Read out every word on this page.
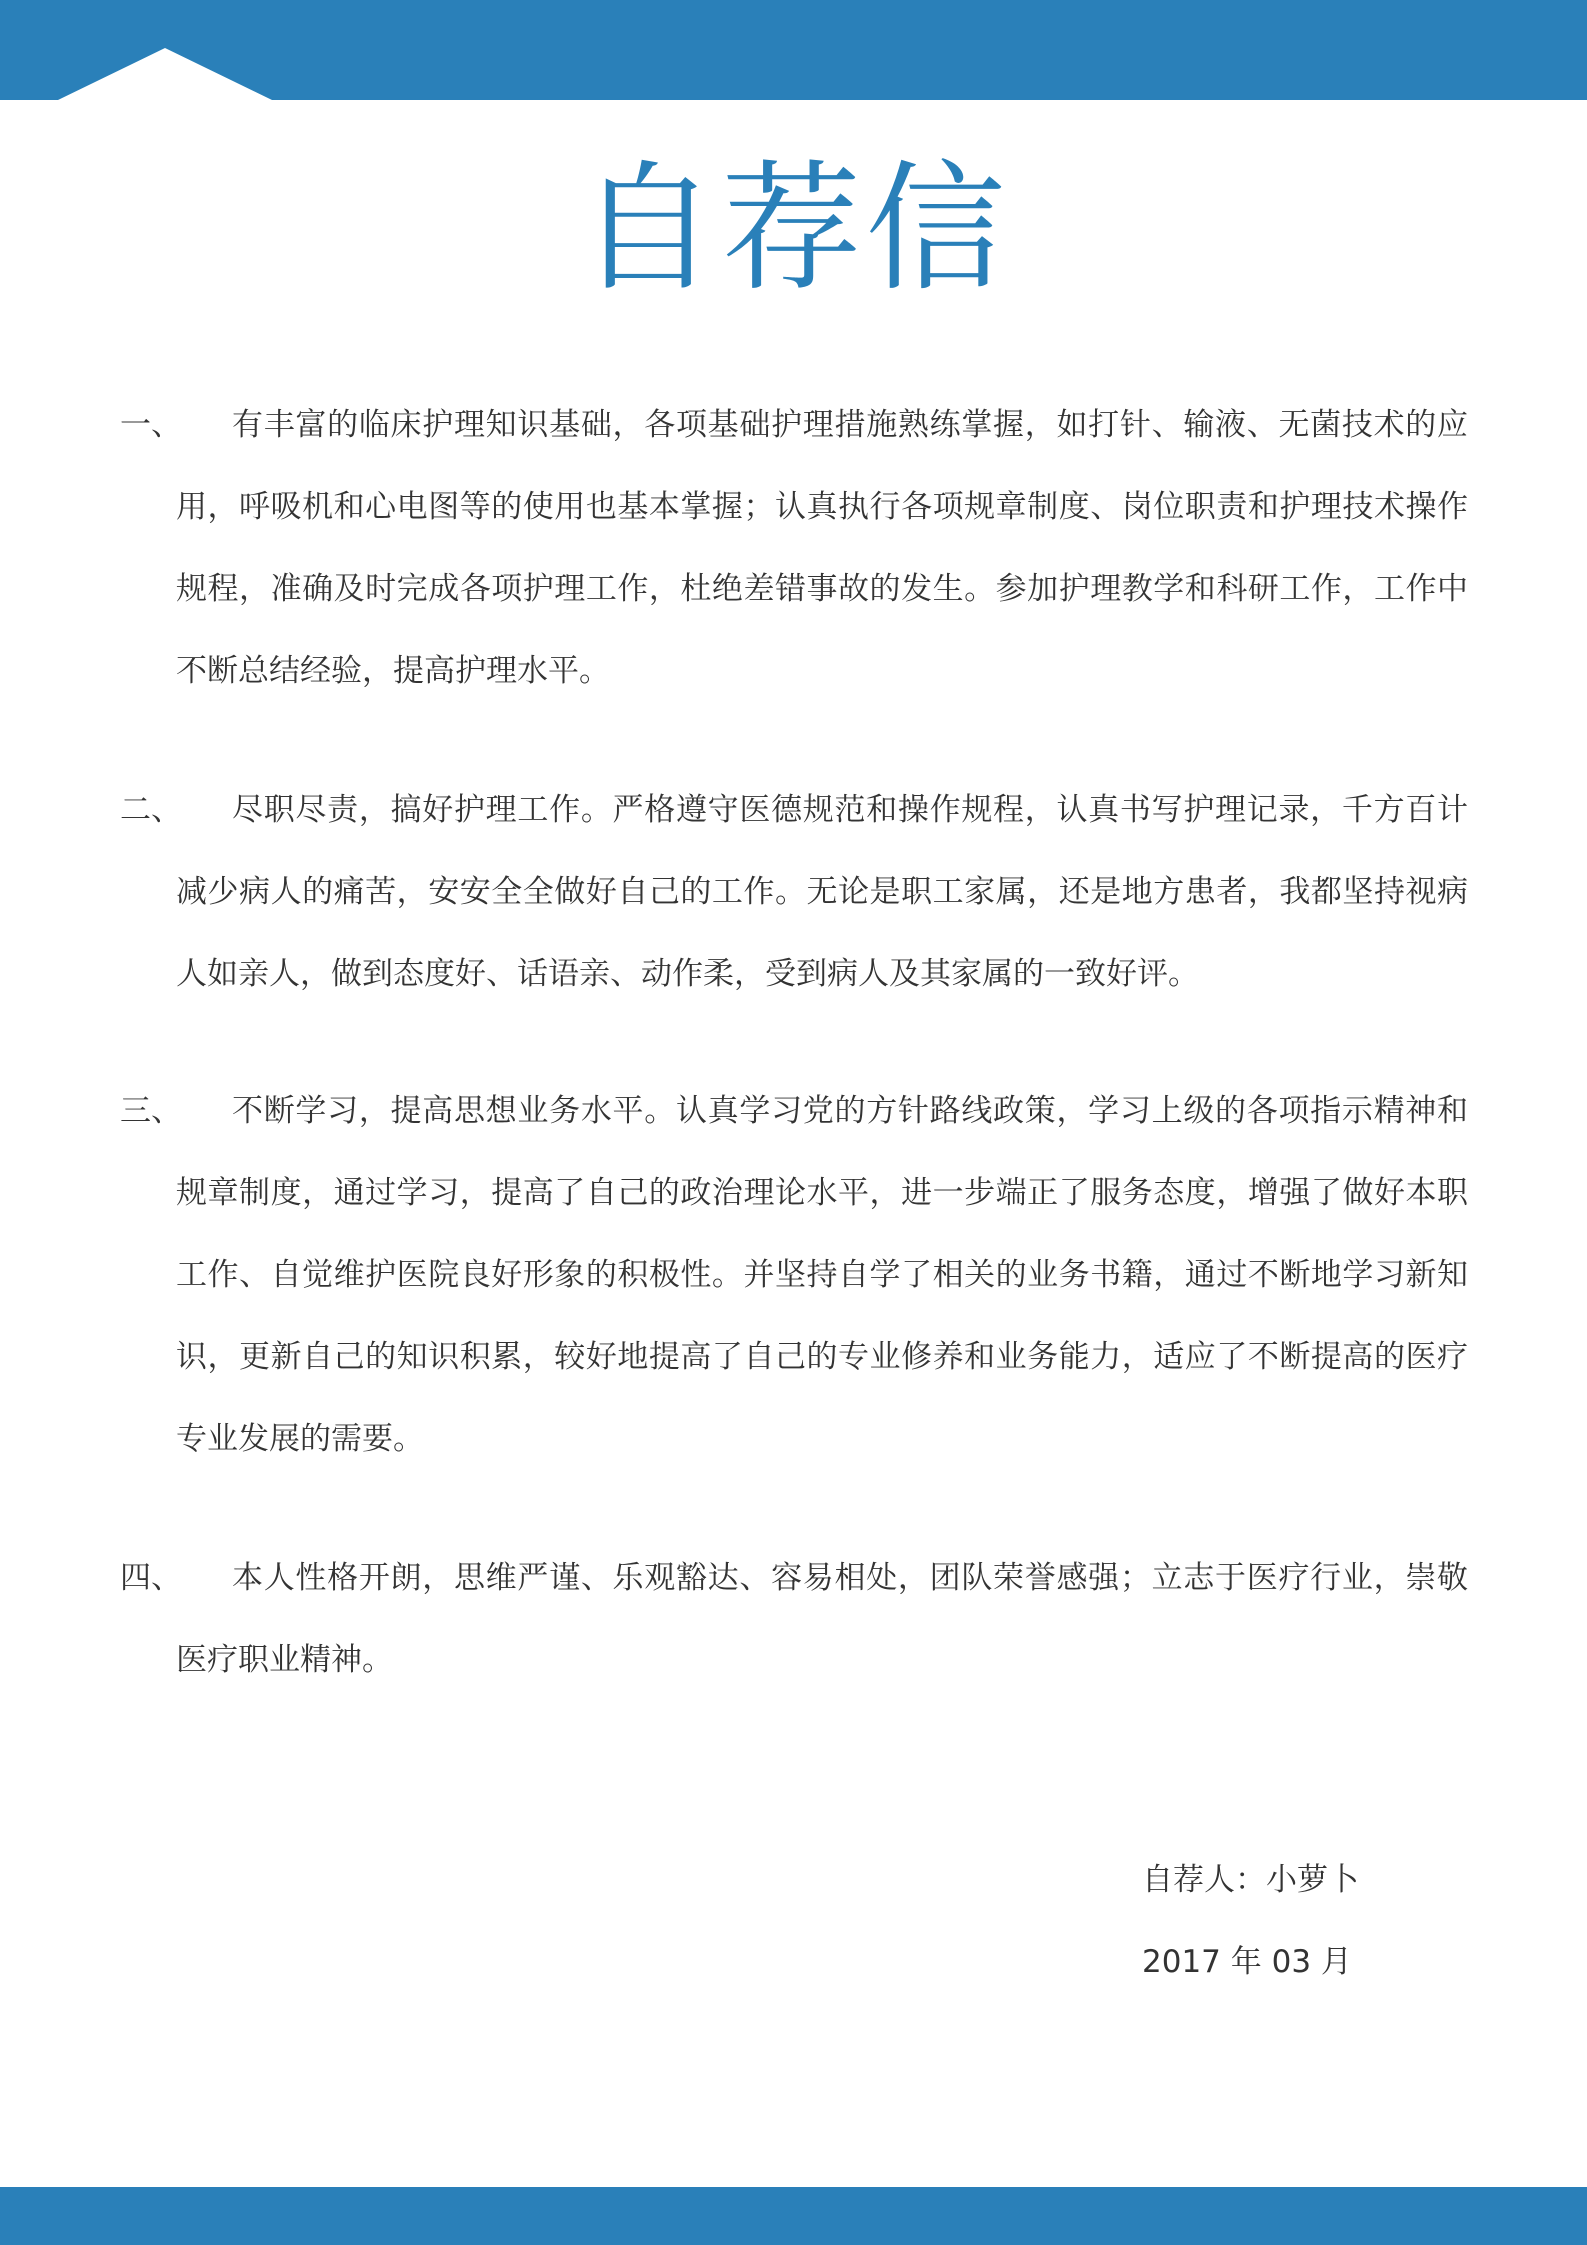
自荐信
一、	有丰富的临床护理知识基础，各项基础护理措施熟练掌握，如打针、输液、无菌技术的应用，呼吸机和心电图等的使用也基本掌握；认真执行各项规章制度、岗位职责和护理技术操作规程，准确及时完成各项护理工作，杜绝差错事故的发生。参加护理教学和科研工作，工作中不断总结经验，提高护理水平。
二、	尽职尽责，搞好护理工作。严格遵守医德规范和操作规程，认真书写护理记录，千方百计减少病人的痛苦，安安全全做好自己的工作。无论是职工家属，还是地方患者，我都坚持视病人如亲人，做到态度好、话语亲、动作柔，受到病人及其家属的一致好评。
三、	不断学习，提高思想业务水平。认真学习党的方针路线政策，学习上级的各项指示精神和规章制度，通过学习，提高了自己的政治理论水平，进一步端正了服务态度，增强了做好本职工作、自觉维护医院良好形象的积极性。并坚持自学了相关的业务书籍，通过不断地学习新知识，更新自己的知识积累，较好地提高了自己的专业修养和业务能力，适应了不断提高的医疗专业发展的需要。
四、	本人性格开朗，思维严谨、乐观豁达、容易相处，团队荣誉感强；立志于医疗行业，崇敬医疗职业精神。
自荐人：小萝卜
2017 年 03 月
